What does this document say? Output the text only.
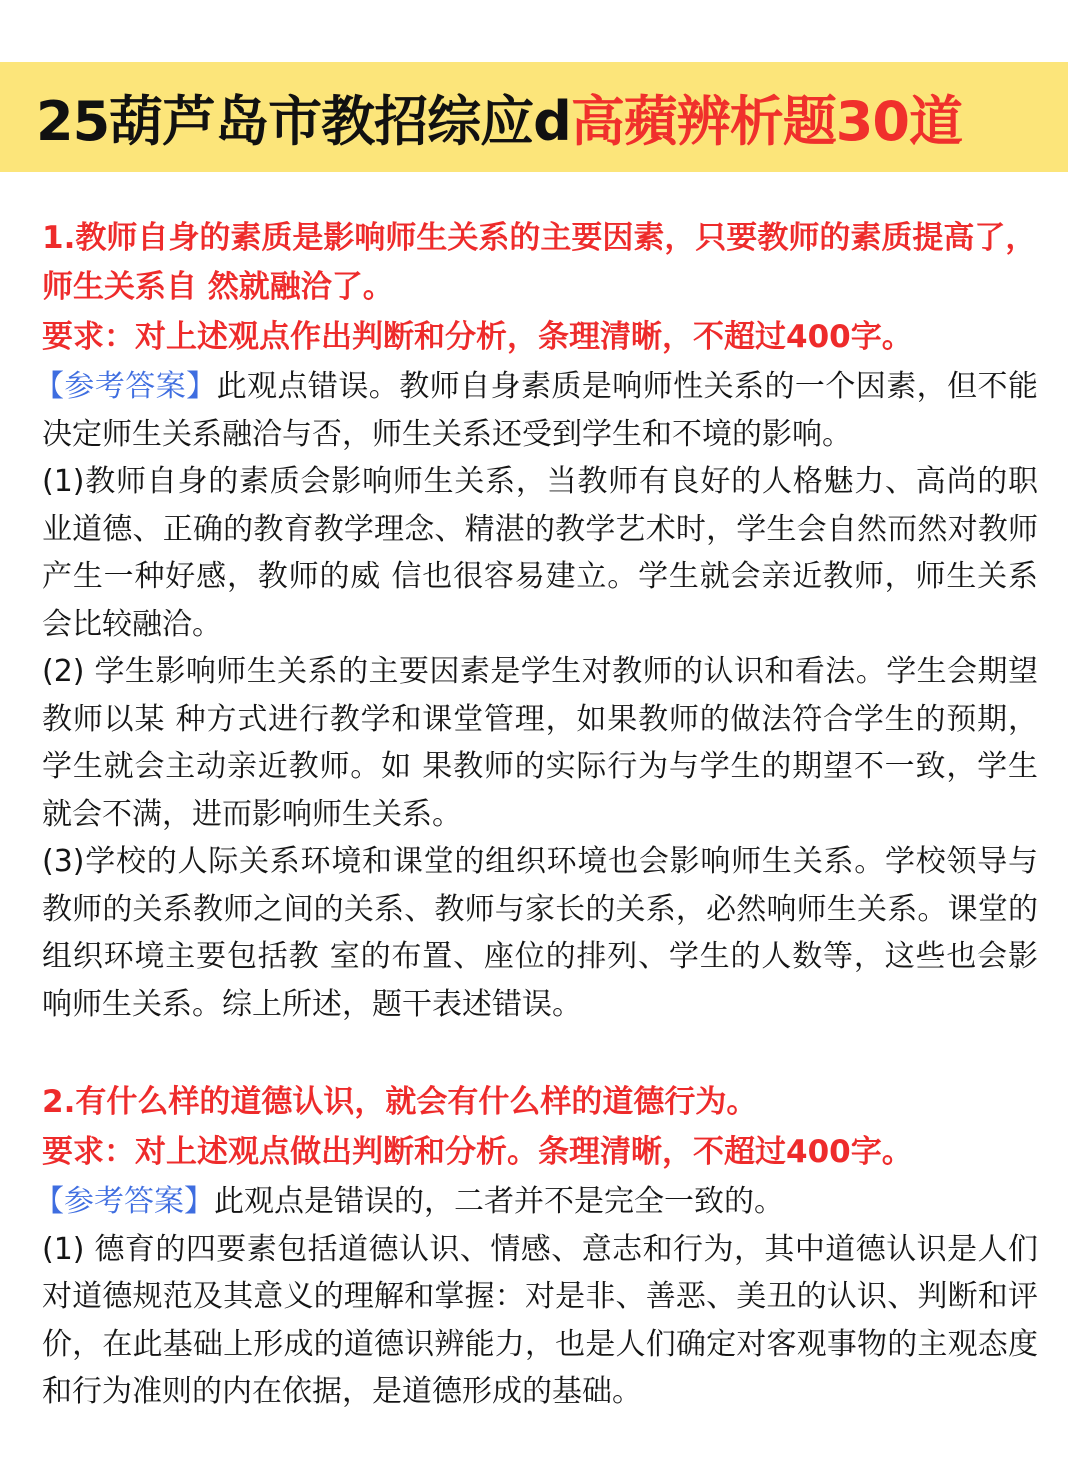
25葫芦岛市教招综应d 高蘋辨析题30道

1.教师自身的素质是影响师生关系的主要因素，只要教师的素质提高了，师生关系自 然就融洽了。

要求：对上述观点作出判断和分析，条理清晰，不超过400字。

【参考答案】此观点错误。教师自身素质是响师性关系的一个因素，但不能决定师生关系融洽与否，师生关系还受到学生和不境的影响。

(1)教师自身的素质会影响师生关系，当教师有良好的人格魅力、高尚的职业道德、正确的教育教学理念、精湛的教学艺术时，学生会自然而然对教师产生一种好感，教师的威 信也很容易建立。学生就会亲近教师，师生关系会比较融洽。

(2) 学生影响师生关系的主要因素是学生对教师的认识和看法。学生会期望教师以某 种方式进行教学和课堂管理，如果教师的做法符合学生的预期，学生就会主动亲近教师。如 果教师的实际行为与学生的期望不一致，学生就会不满，进而影响师生关系。

(3)学校的人际关系环境和课堂的组织环境也会影响师生关系。学校领导与教师的关系教师之间的关系、教师与家长的关系，必然响师生关系。课堂的组织环境主要包括教 室的布置、座位的排列、学生的人数等，这些也会影响师生关系。综上所述，题干表述错误。

2.有什么样的道德认识，就会有什么样的道德行为。

要求：对上述观点做出判断和分析。条理清晰，不超过400字。

【参考答案】此观点是错误的，二者并不是完全一致的。

(1) 德育的四要素包括道德认识、情感、意志和行为，其中道德认识是人们对道德规范及其意义的理解和掌握：对是非、善恶、美丑的认识、判断和评价，在此基础上形成的道德识辨能力，也是人们确定对客观事物的主观态度和行为准则的内在依据，是道德形成的基础。
